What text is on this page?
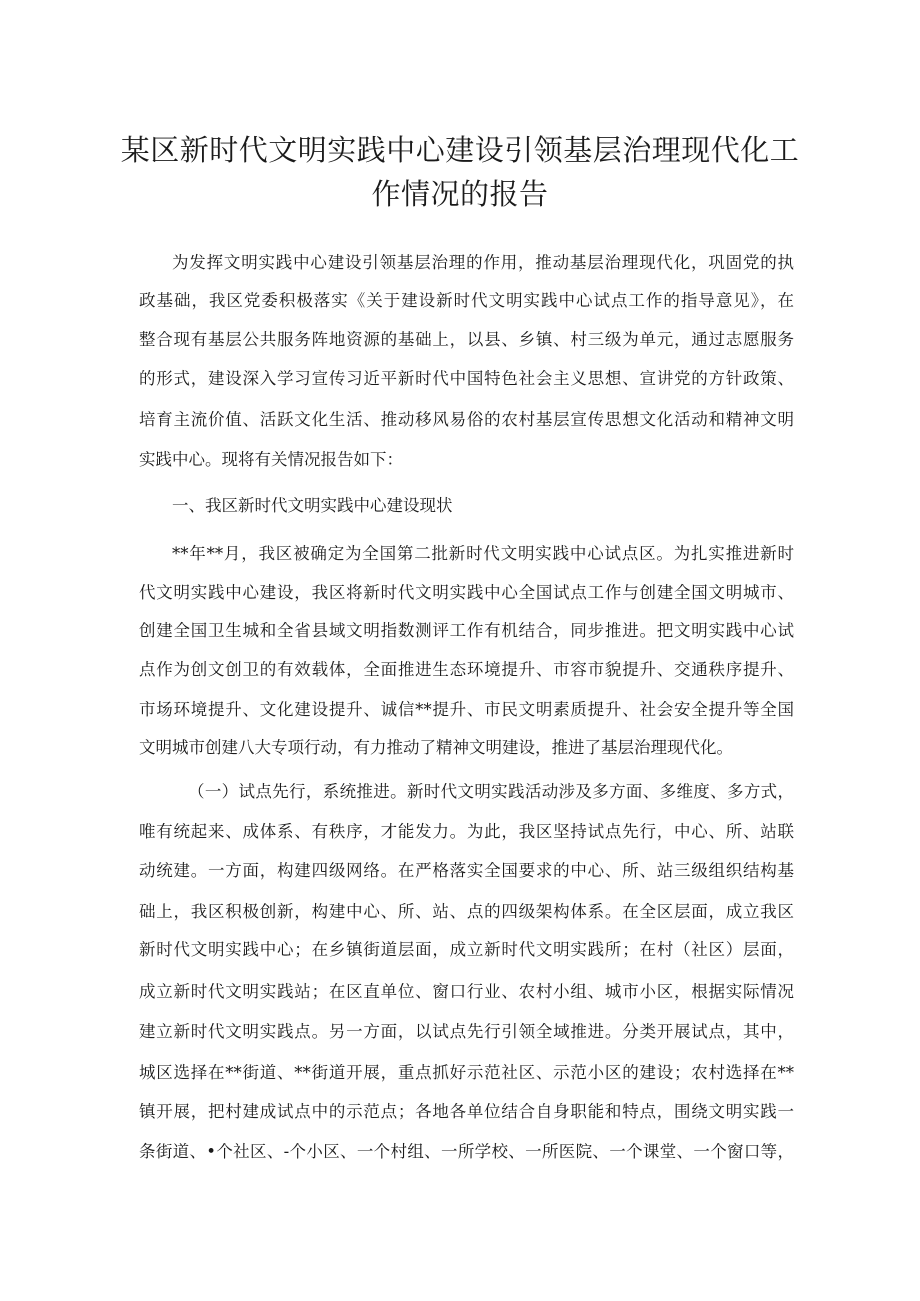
某区新时代文明实践中心建设引领基层治理现代化工
作情况的报告
为发挥文明实践中心建设引领基层治理的作用，推动基层治理现代化，巩固党的执
政基础，我区党委积极落实《关于建设新时代文明实践中心试点工作的指导意见》，在
整合现有基层公共服务阵地资源的基础上，以县、乡镇、村三级为单元，通过志愿服务
的形式，建设深入学习宣传习近平新时代中国特色社会主义思想、宣讲党的方针政策、
培育主流价值、活跃文化生活、推动移风易俗的农村基层宣传思想文化活动和精神文明
实践中心。现将有关情况报告如下：
一、我区新时代文明实践中心建设现状
**年**月，我区被确定为全国第二批新时代文明实践中心试点区。为扎实推进新时
代文明实践中心建设，我区将新时代文明实践中心全国试点工作与创建全国文明城市、
创建全国卫生城和全省县域文明指数测评工作有机结合，同步推进。把文明实践中心试
点作为创文创卫的有效载体，全面推进生态环境提升、市容市貌提升、交通秩序提升、
市场环境提升、文化建设提升、诚信**提升、市民文明素质提升、社会安全提升等全国
文明城市创建八大专项行动，有力推动了精神文明建设，推进了基层治理现代化。
（一）试点先行，系统推进。新时代文明实践活动涉及多方面、多维度、多方式，
唯有统起来、成体系、有秩序，才能发力。为此，我区坚持试点先行，中心、所、站联
动统建。一方面，构建四级网络。在严格落实全国要求的中心、所、站三级组织结构基
础上，我区积极创新，构建中心、所、站、点的四级架构体系。在全区层面，成立我区
新时代文明实践中心；在乡镇街道层面，成立新时代文明实践所；在村（社区）层面，
成立新时代文明实践站；在区直单位、窗口行业、农村小组、城市小区，根据实际情况
建立新时代文明实践点。另一方面，以试点先行引领全域推进。分类开展试点，其中，
城区选择在**街道、**街道开展，重点抓好示范社区、示范小区的建设；农村选择在**
镇开展，把村建成试点中的示范点；各地各单位结合自身职能和特点，围绕文明实践一
条街道、•个社区、-个小区、一个村组、一所学校、一所医院、一个课堂、一个窗口等，
